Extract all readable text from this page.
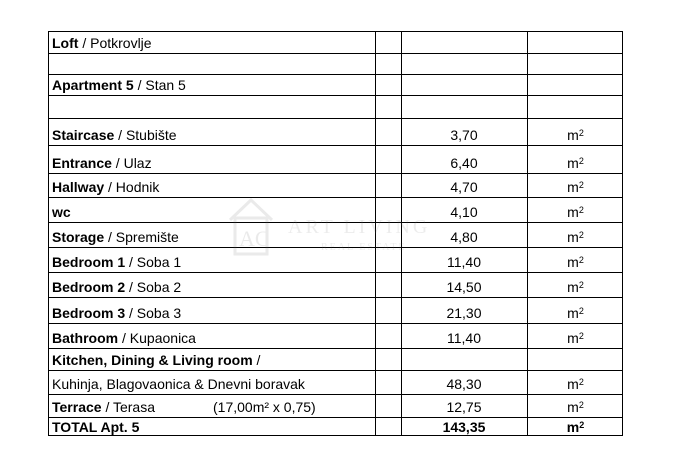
Loft / Potkrovlje
Apartment 5 / Stan 5
Staircase / Stubište	3,70	$m^2$
Entrance / Ulaz	6,40	$m^2$
Hallway / Hodnik	4,70	$m^2$
wc	4,10	$m^2$
Storage / Spremište	4,80	$m^2$
Bedroom 1 / Soba 1	11,40	$m^2$
Bedroom 2 / Soba 2	14,50	$m^2$
Bedroom 3 / Soba 3	21,30	$m^2$
Bathroom / Kupaonica	11,40	$m^2$
Kitchen, Dining & Living room /
Kuhinja, Blagovaonica & Dnevni boravak	48,30	$m^2$
Terrace / Terasa	(17,00m² x 0,75)	12,75	$m^2$
TOTAL Apt. 5	143,35	$m^2$
AC ART LIVING
REAL ESTATE
